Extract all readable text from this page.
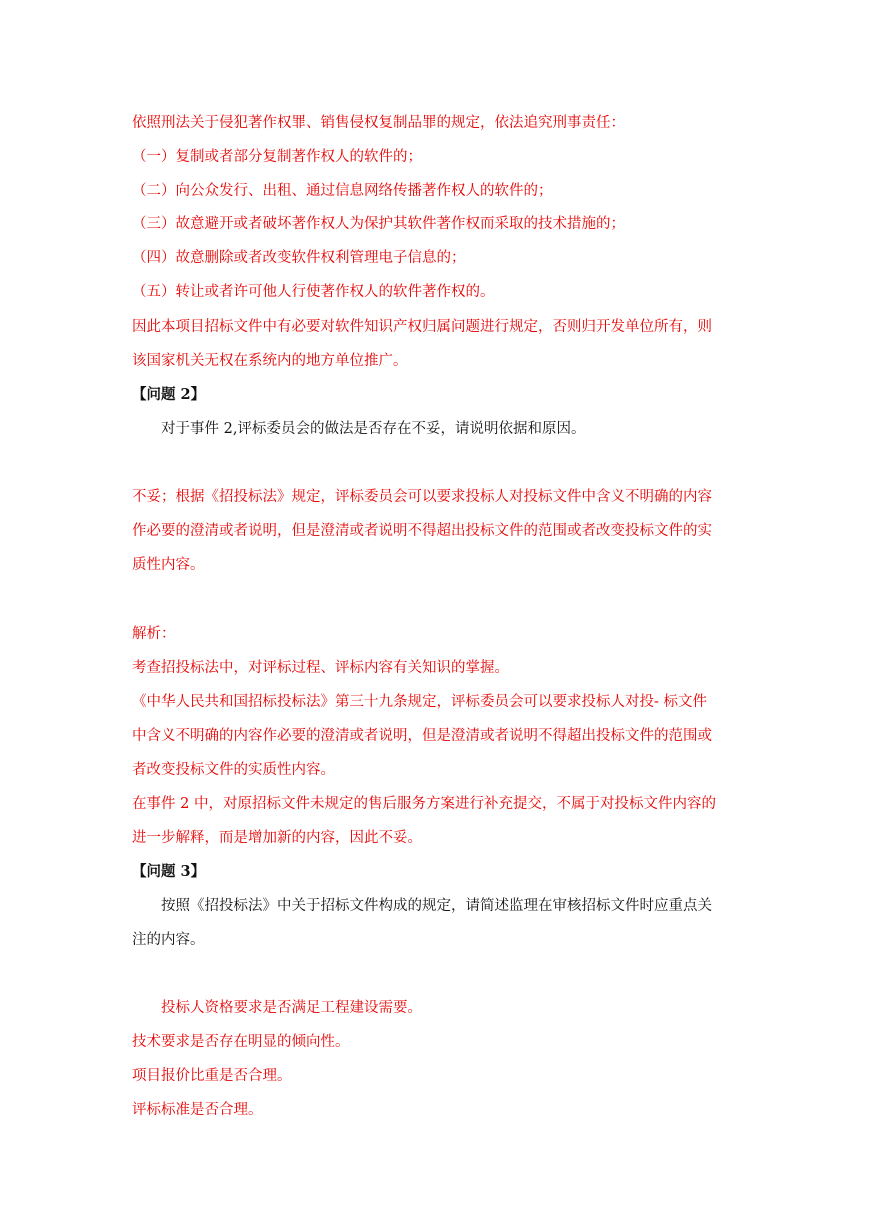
依照刑法关于侵犯著作权罪、销售侵权复制品罪的规定，依法追究刑事责任：
（一）复制或者部分复制著作权人的软件的；
（二）向公众发行、出租、通过信息网络传播著作权人的软件的；
（三）故意避开或者破坏著作权人为保护其软件著作权而采取的技术措施的；
（四）故意删除或者改变软件权利管理电子信息的；
（五）转让或者许可他人行使著作权人的软件著作权的。
因此本项目招标文件中有必要对软件知识产权归属问题进行规定，否则归开发单位所有，则
该国家机关无权在系统内的地方单位推广。
【问题 2】
对于事件 2,评标委员会的做法是否存在不妥，请说明依据和原因。
不妥；根据《招投标法》规定，评标委员会可以要求投标人对投标文件中含义不明确的内容
作必要的澄清或者说明，但是澄清或者说明不得超出投标文件的范围或者改变投标文件的实
质性内容。
解析：
考查招投标法中，对评标过程、评标内容有关知识的掌握。
《中华人民共和国招标投标法》第三十九条规定，评标委员会可以要求投标人对投- 标文件
中含义不明确的内容作必要的澄清或者说明，但是澄清或者说明不得超出投标文件的范围或
者改变投标文件的实质性内容。
在事件 2 中，对原招标文件未规定的售后服务方案进行补充提交，不属于对投标文件内容的
进一步解释，而是增加新的内容，因此不妥。
【问题 3】
按照《招投标法》中关于招标文件构成的规定，请简述监理在审核招标文件时应重点关
注的内容。
投标人资格要求是否满足工程建设需要。
技术要求是否存在明显的倾向性。
项目报价比重是否合理。
评标标准是否合理。
